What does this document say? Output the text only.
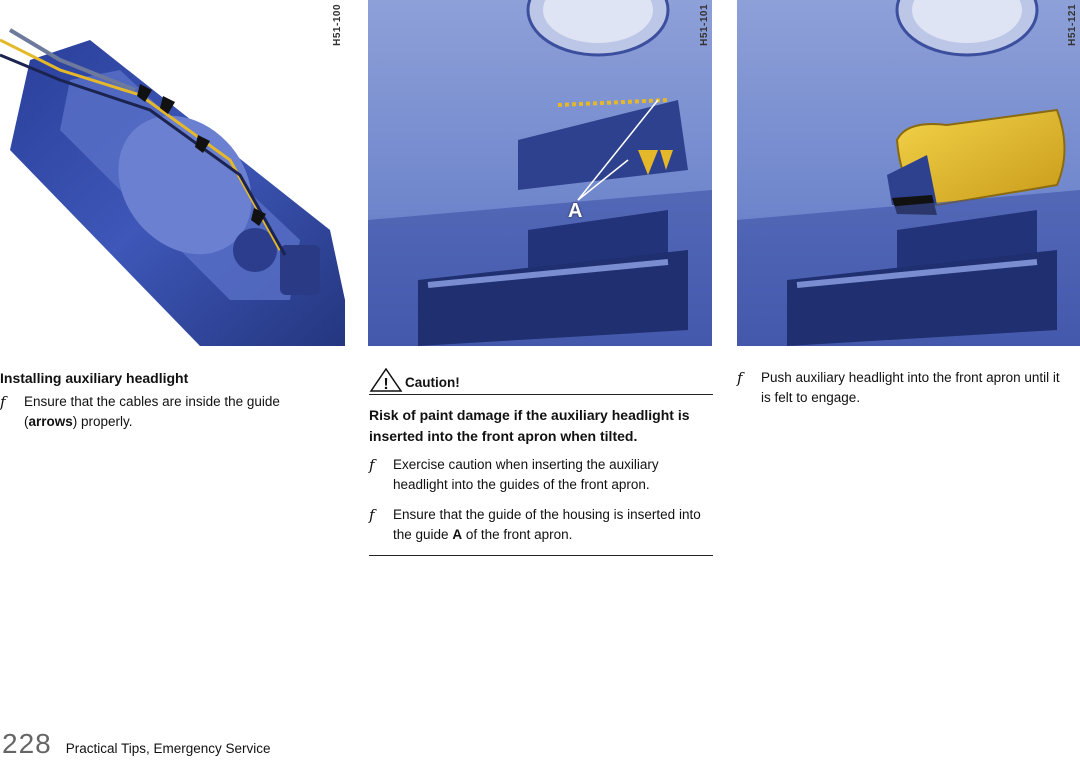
H51-100	H51-101
A
H51-121

Installing auxiliary headlight

f Ensure that the cables are inside the guide (arrows) properly.
! Caution!

Risk of paint damage if the auxiliary headlight is inserted into the front apron when tilted.

f Exercise caution when inserting the auxiliary headlight into the guides of the front apron.
f Ensure that the guide of the housing is inserted into the guide A of the front apron.
f Push auxiliary headlight into the front apron until it is felt to engage.
228 Practical Tips, Emergency Service
